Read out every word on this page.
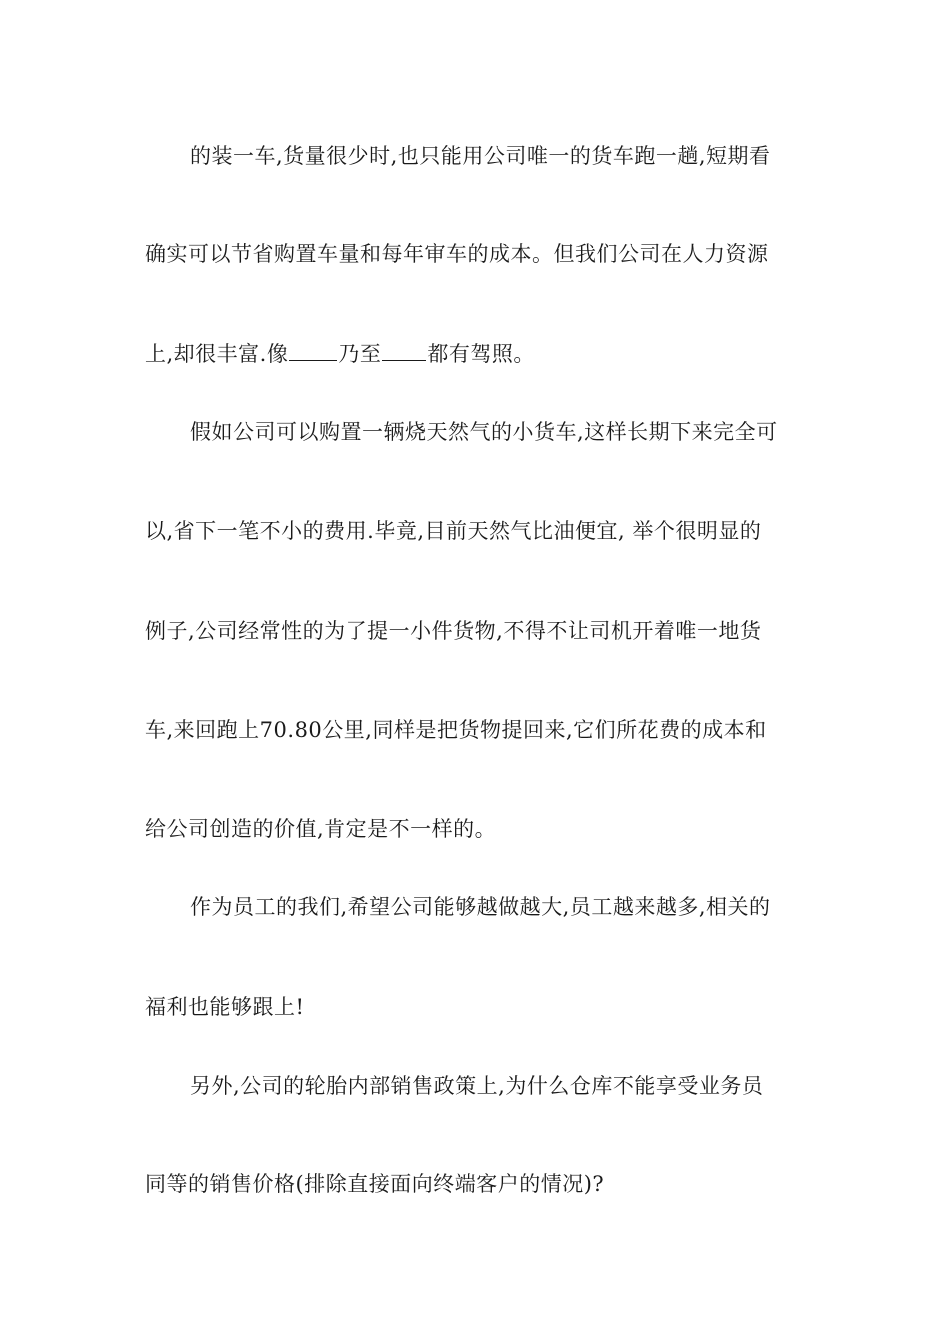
的装一车,货量很少时,也只能用公司唯一的货车跑一趟,短期看
确实可以节省购置车量和每年审车的成本。但我们公司在人力资源
上,却很丰富.像 乃至 都有驾照。
假如公司可以购置一辆烧天然气的小货车,这样长期下来完全可
以,省下一笔不小的费用.毕竟,目前天然气比油便宜, 举个很明显的
例子,公司经常性的为了提一小件货物,不得不让司机开着唯一地货
车,来回跑上70.80公里,同样是把货物提回来,它们所花费的成本和
给公司创造的价值,肯定是不一样的。
作为员工的我们,希望公司能够越做越大,员工越来越多,相关的
福利也能够跟上!
另外,公司的轮胎内部销售政策上,为什么仓库不能享受业务员
同等的销售价格(排除直接面向终端客户的情况)?
